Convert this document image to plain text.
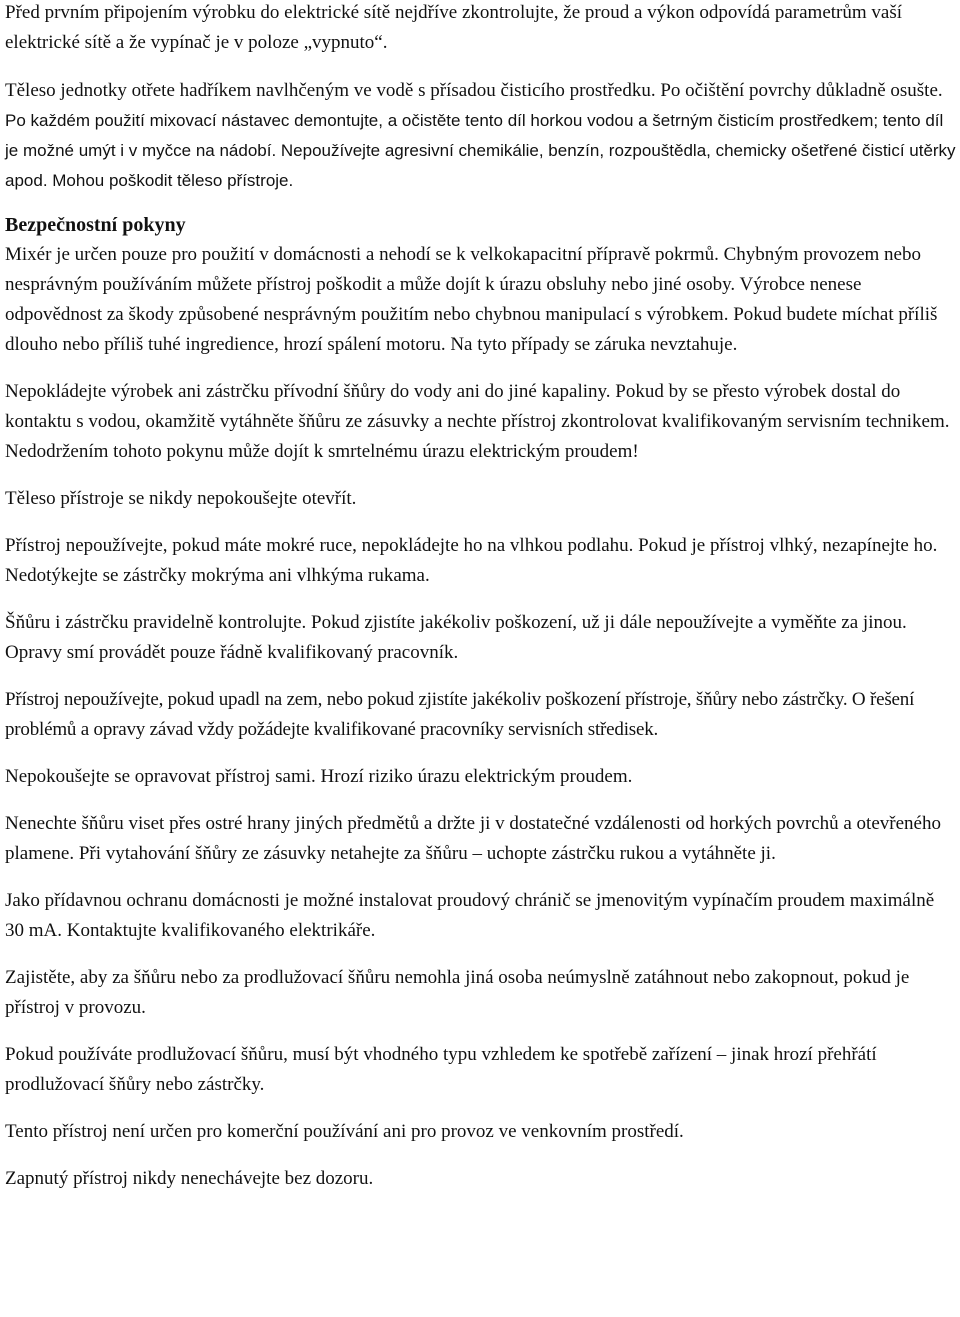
Před prvním připojením výrobku do elektrické sítě nejdříve zkontrolujte, že proud a výkon odpovídá parametrům vaší elektrické sítě a že vypínač je v poloze „vypnuto“.

Těleso jednotky otřete hadříkem navlhčeným ve vodě s přísadou čisticího prostředku. Po očištění povrchy důkladně osušte. Po každém použití mixovací nástavec demontujte, a očistěte tento díl horkou vodou a šetrným čisticím prostředkem; tento díl je možné umýt i v myčce na nádobí. Nepoužívejte agresivní chemikálie, benzín, rozpouštědla, chemicky ošetřené čisticí utěrky apod. Mohou poškodit těleso přístroje.

Bezpečnostní pokyny

Mixér je určen pouze pro použití v domácnosti a nehodí se k velkokapacitní přípravě pokrmů. Chybným provozem nebo nesprávným používáním můžete přístroj poškodit a může dojít k úrazu obsluhy nebo jiné osoby. Výrobce nenese odpovědnost za škody způsobené nesprávným použitím nebo chybnou manipulací s výrobkem. Pokud budete míchat příliš dlouho nebo příliš tuhé ingredience, hrozí spálení motoru. Na tyto případy se záruka nevztahuje.

Nepokládejte výrobek ani zástrčku přívodní šňůry do vody ani do jiné kapaliny. Pokud by se přesto výrobek dostal do kontaktu s vodou, okamžitě vytáhněte šňůru ze zásuvky a nechte přístroj zkontrolovat kvalifikovaným servisním technikem. Nedodržením tohoto pokynu může dojít k smrtelnému úrazu elektrickým proudem!

Těleso přístroje se nikdy nepokoušejte otevřít.

Přístroj nepoužívejte, pokud máte mokré ruce, nepokládejte ho na vlhkou podlahu. Pokud je přístroj vlhký, nezapínejte ho. Nedotýkejte se zástrčky mokrýma ani vlhkýma rukama.

Šňůru i zástrčku pravidelně kontrolujte. Pokud zjistíte jakékoliv poškození, už ji dále nepoužívejte a vyměňte za jinou. Opravy smí provádět pouze řádně kvalifikovaný pracovník.

Přístroj nepoužívejte, pokud upadl na zem, nebo pokud zjistíte jakékoliv poškození přístroje, šňůry nebo zástrčky. O řešení problémů a opravy závad vždy požádejte kvalifikované pracovníky servisních středisek.

Nepokoušejte se opravovat přístroj sami. Hrozí riziko úrazu elektrickým proudem.

Nenechte šňůru viset přes ostré hrany jiných předmětů a držte ji v dostatečné vzdálenosti od horkých povrchů a otevřeného plamene. Při vytahování šňůry ze zásuvky netahejte za šňůru – uchopte zástrčku rukou a vytáhněte ji.

Jako přídavnou ochranu domácnosti je možné instalovat proudový chránič se jmenovitým vypínačím proudem maximálně 30 mA. Kontaktujte kvalifikovaného elektrikáře.

Zajistěte, aby za šňůru nebo za prodlužovací šňůru nemohla jiná osoba neúmyslně zatáhnout nebo zakopnout, pokud je přístroj v provozu.

Pokud používáte prodlužovací šňůru, musí být vhodného typu vzhledem ke spotřebě zařízení – jinak hrozí přehřátí prodlužovací šňůry nebo zástrčky.

Tento přístroj není určen pro komerční používání ani pro provoz ve venkovním prostředí.

Zapnutý přístroj nikdy nenechávejte bez dozoru.
